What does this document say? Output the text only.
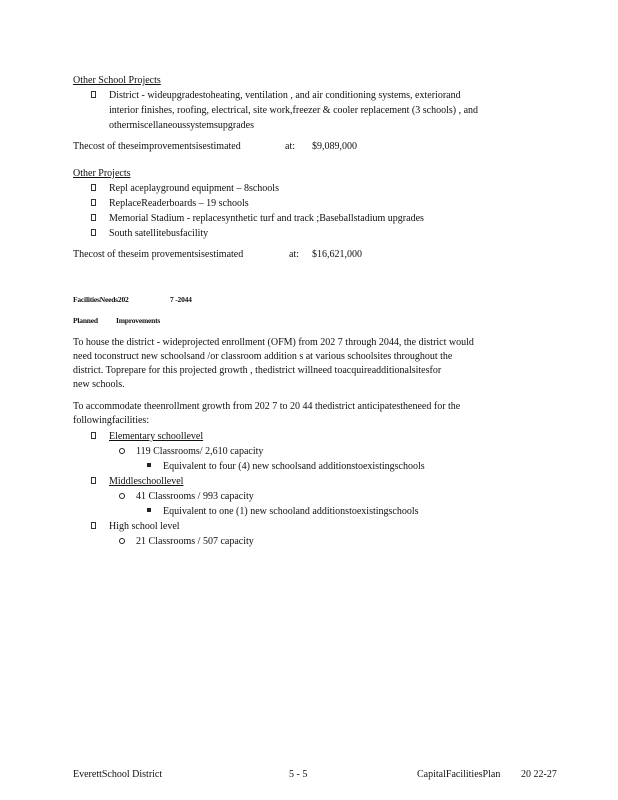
Other School Projects
District - wideupgradestoheating, ventilation , and air conditioning systems, exteriorand
interior finishes, roofing, electrical, site work,freezer & cooler replacement (3 schools) , and
othermiscellaneoussystemsupgrades
Thecost of theseimprovementsisestimated	at: $9,089,000
Other Projects
Repl aceplayground equipment – 8schools
ReplaceReaderboards – 19 schools
Memorial Stadium - replacesynthetic turf and track ;Baseballstadium upgrades
South satellitebusfacility
Thecost of theseim provementsisestimated	at: $16,621,000
FacilitiesNeeds202	7 -2044
Planned Improvements
To house the district - wideprojected enrollment (OFM) from 202 7 through 2044, the district would
need toconstruct new schoolsand /or classroom addition s at various schoolsites throughout the
district. Toprepare for this projected growth , thedistrict willneed toacquireadditionalsitesfor
new schools.
To accommodate theenrollment growth from 202 7 to 20 44 thedistrict anticipatestheneed for the
followingfacilities:
Elementary schoollevel
119 Classrooms/ 2,610 capacity
Equivalent to four (4) new schoolsand additionstoexistingschools
Middleschoollevel
41 Classrooms / 993 capacity
Equivalent to one (1) new schooland additionstoexistingschools
High school level
21 Classrooms / 507 capacity
EverettSchool District	5 - 5	CapitalFacilitiesPlan 20 22-27
